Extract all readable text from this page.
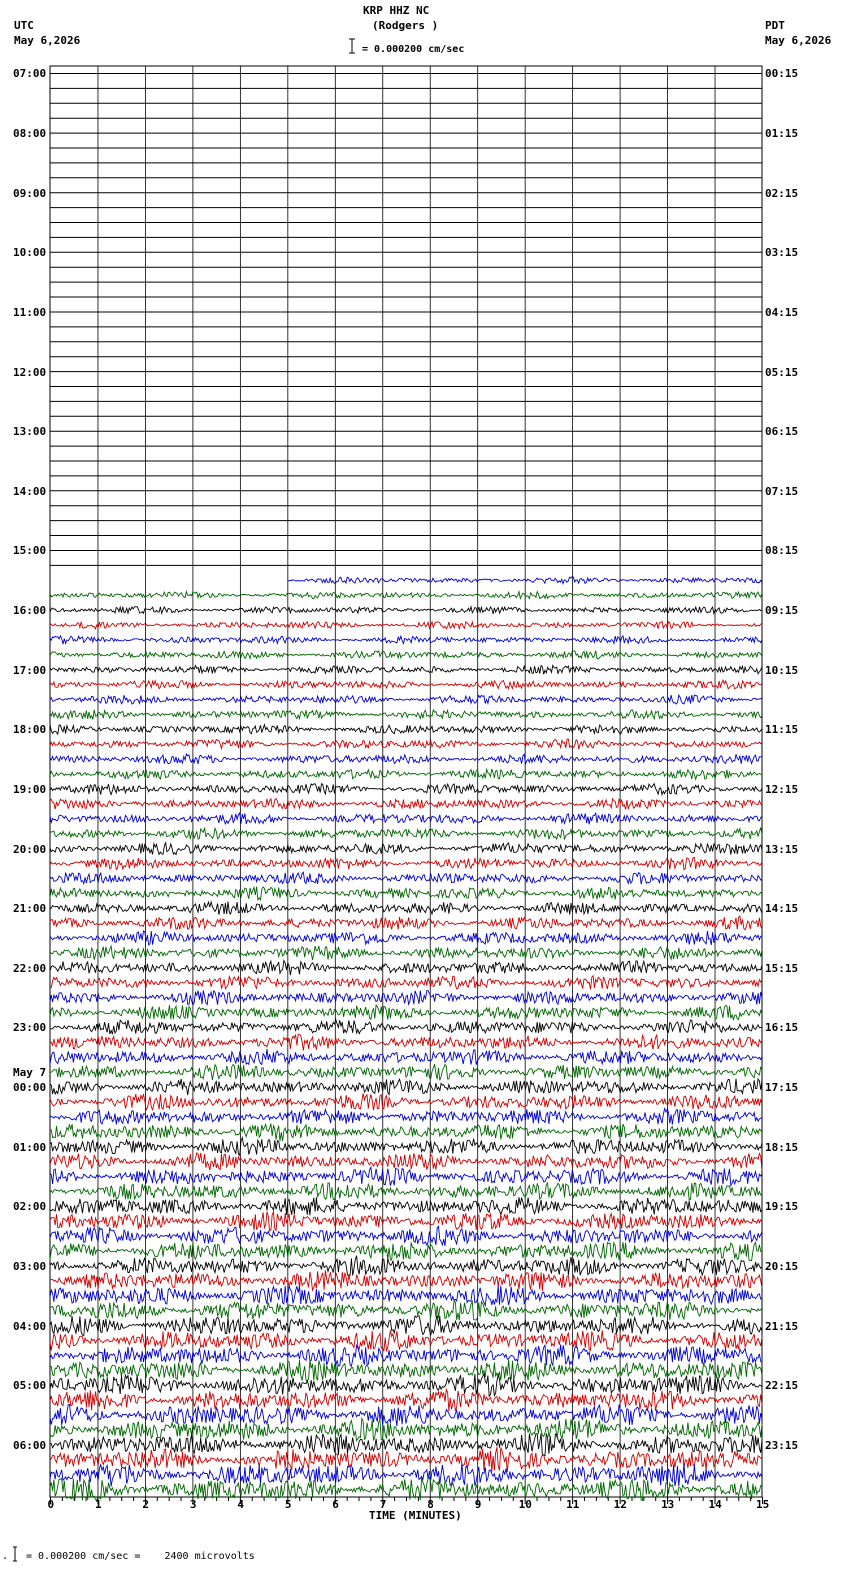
KRP HHZ NC
(Rodgers )
= 0.000200 cm/sec
UTC
May 6,2026
PDT
May 6,2026
07:00
08:00
09:00
10:00
11:00
12:00
13:00
14:00
15:00
16:00
17:00
18:00
19:00
20:00
21:00
22:00
23:00
May 7
00:00
01:00
02:00
03:00
04:00
05:00
06:00
00:15
01:15
02:15
03:15
04:15
05:15
06:15
07:15
08:15
09:15
10:15
11:15
12:15
13:15
14:15
15:15
16:15
17:15
18:15
19:15
20:15
21:15
22:15
23:15
0	1	2	3	4	5	6	7	8	9	10	11	12	13	14	15
TIME (MINUTES)
= 0.000200 cm/sec =    2400 microvolts
